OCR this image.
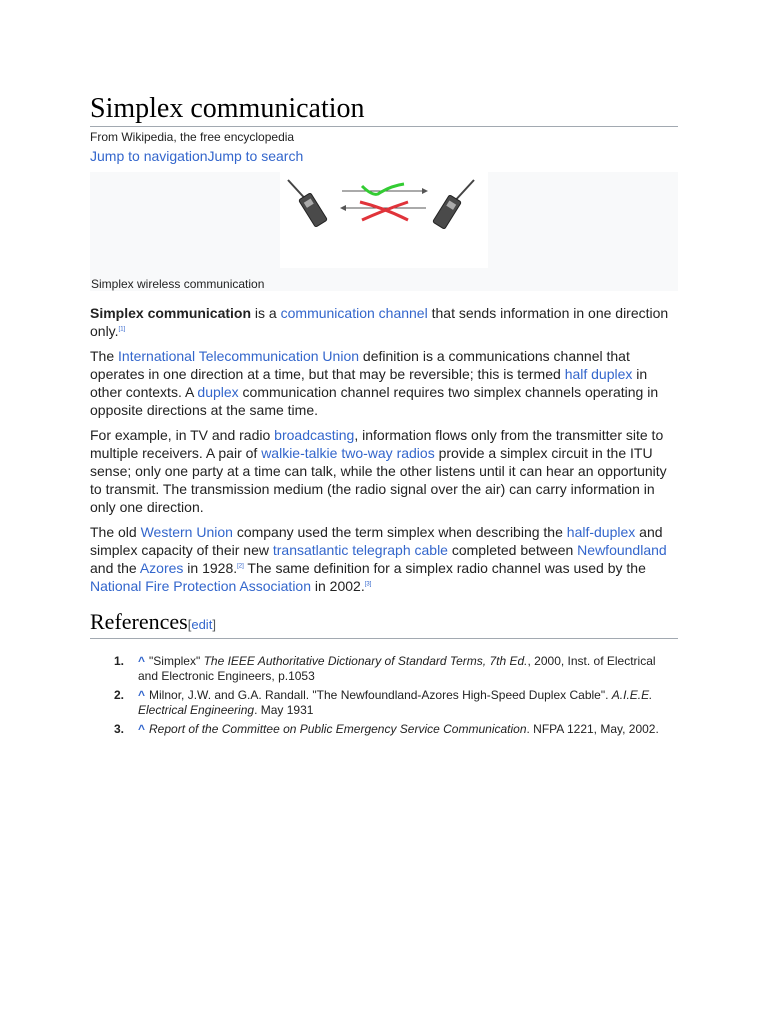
Simplex communication
From Wikipedia, the free encyclopedia
Jump to navigationJump to search
Simplex wireless communication

Simplex communication is a communication channel that sends information in one direction only.[1]

The International Telecommunication Union definition is a communications channel that operates in one direction at a time, but that may be reversible; this is termed half duplex in other contexts. A duplex communication channel requires two simplex channels operating in opposite directions at the same time.

For example, in TV and radio broadcasting, information flows only from the transmitter site to multiple receivers. A pair of walkie-talkie two-way radios provide a simplex circuit in the ITU sense; only one party at a time can talk, while the other listens until it can hear an opportunity to transmit. The transmission medium (the radio signal over the air) can carry information in only one direction.

The old Western Union company used the term simplex when describing the half-duplex and simplex capacity of their new transatlantic telegraph cable completed between Newfoundland and the Azores in 1928.[2] The same definition for a simplex radio channel was used by the National Fire Protection Association in 2002.[3]

References[edit]
1. ^ "Simplex" The IEEE Authoritative Dictionary of Standard Terms, 7th Ed., 2000, Inst. of Electrical and Electronic Engineers, p.1053
2. ^ Milnor, J.W. and G.A. Randall. "The Newfoundland-Azores High-Speed Duplex Cable". A.I.E.E. Electrical Engineering. May 1931
3. ^ Report of the Committee on Public Emergency Service Communication. NFPA 1221, May, 2002.
